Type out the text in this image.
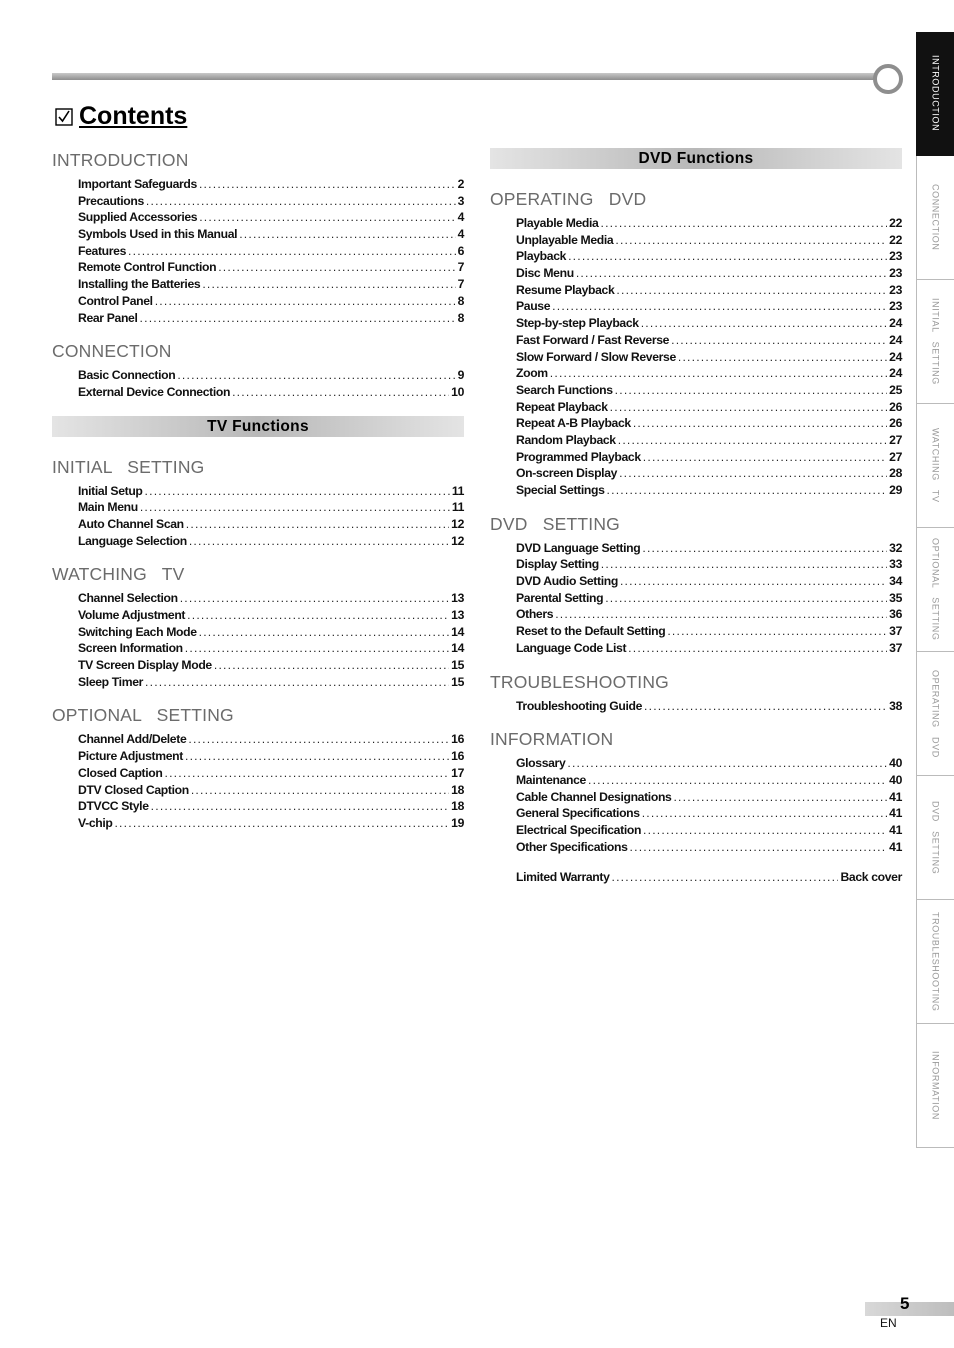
Contents
INTRODUCTION
Important Safeguards .....	2
Precautions .....	3
Supplied Accessories .....	4
Symbols Used in this Manual .....	4
Features .....	6
Remote Control Function .....	7
Installing the Batteries .....	7
Control Panel .....	8
Rear Panel .....	8
CONNECTION
Basic Connection .....	9
External Device Connection .....	10
TV Functions
INITIAL   SETTING
Initial Setup .....	11
Main Menu .....	11
Auto Channel Scan .....	12
Language Selection .....	12
WATCHING   TV
Channel Selection .....	13
Volume Adjustment .....	13
Switching Each Mode .....	14
Screen Information .....	14
TV Screen Display Mode .....	15
Sleep Timer .....	15
OPTIONAL   SETTING
Channel Add/Delete .....	16
Picture Adjustment .....	16
Closed Caption .....	17
DTV Closed Caption .....	18
DTVCC Style .....	18
V-chip .....	19
DVD Functions
OPERATING   DVD
Playable Media .....	22
Unplayable Media .....	22
Playback .....	23
Disc Menu .....	23
Resume Playback .....	23
Pause .....	23
Step-by-step Playback .....	24
Fast Forward / Fast Reverse .....	24
Slow Forward / Slow Reverse .....	24
Zoom .....	24
Search Functions .....	25
Repeat Playback .....	26
Repeat A-B Playback .....	26
Random Playback .....	27
Programmed Playback .....	27
On-screen Display .....	28
Special Settings .....	29
DVD   SETTING
DVD Language Setting .....	32
Display Setting .....	33
DVD Audio Setting .....	34
Parental Setting .....	35
Others .....	36
Reset to the Default Setting .....	37
Language Code List .....	37
TROUBLESHOOTING
Troubleshooting Guide .....	38
INFORMATION
Glossary .....	40
Maintenance .....	40
Cable Channel Designations .....	41
General Specifications .....	41
Electrical Specification .....	41
Other Specifications .....	41
Limited Warranty .....	Back cover
INTRODUCTION
CONNECTION
INITIAL   SETTING
WATCHING   TV
OPTIONAL   SETTING
OPERATING   DVD
DVD   SETTING
TROUBLESHOOTING
INFORMATION
5
EN
